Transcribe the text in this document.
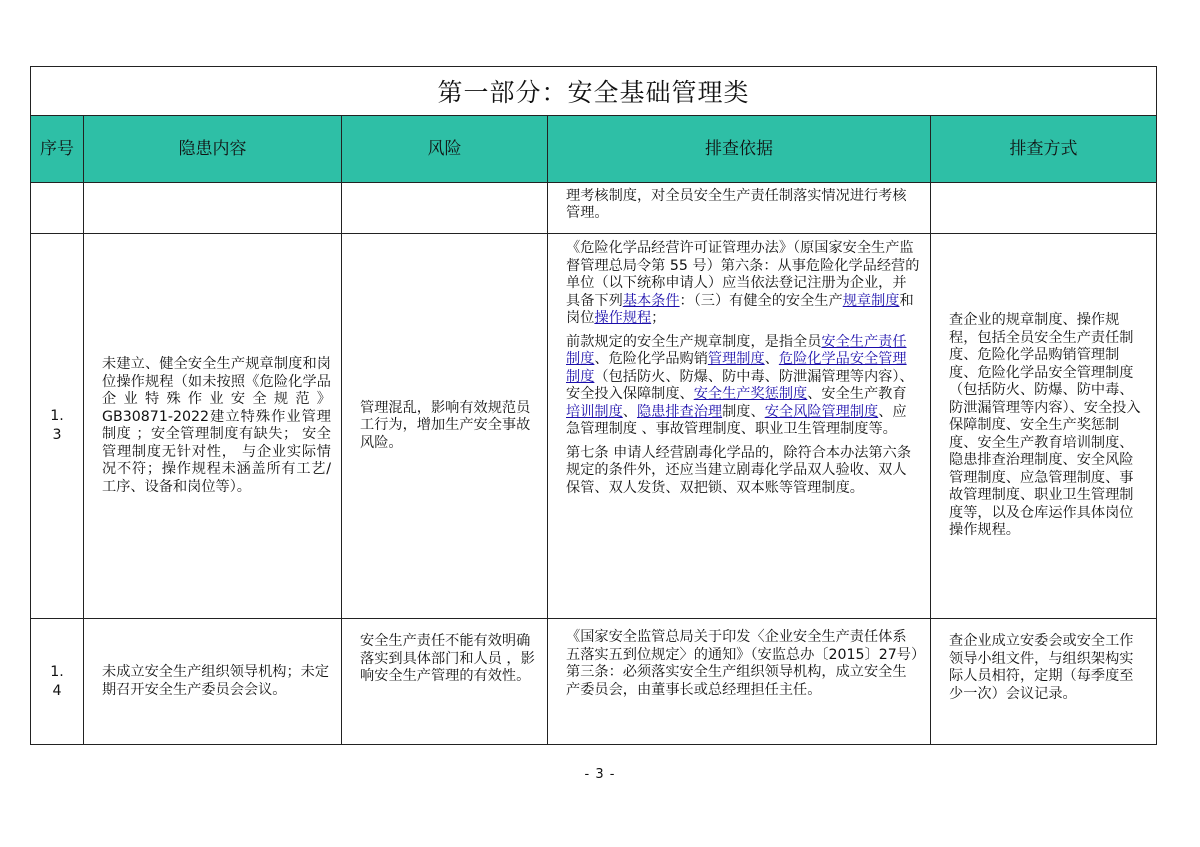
第一部分：安全基础管理类				
序号	隐患内容	风险	排查依据	排查方式

			理考核制度，对全员安全生产责任制落实情况进行考核管理。	

1.3	未建立、健全安全生产规章制度和岗位操作规程（如未按照《危险化学品企业特殊作业安全规范》 GB30871-2022建立特殊作业管理制度 ；安全管理制度有缺失； 安全管理制度无针对性， 与企业实际情况不符；操作规程未涵盖所有工艺/工序、设备和岗位等）。	管理混乱，影响有效规范员工行为，增加生产安全事故风险。	《危险化学品经营许可证管理办法》（原国家安全生产监督管理总局令第 55 号）第六条：从事危险化学品经营的单位（以下统称申请人）应当依法登记注册为企业，并具备下列基本条件：（三）有健全的安全生产规章制度和岗位操作规程；

前款规定的安全生产规章制度，是指全员安全生产责任制度、危险化学品购销管理制度、危险化学品安全管理制度（包括防火、防爆、防中毒、防泄漏管理等内容）、安全投入保障制度、安全生产奖惩制度、安全生产教育培训制度、隐患排查治理制度、安全风险管理制度、应急管理制度 、事故管理制度、职业卫生管理制度等。

第七条 申请人经营剧毒化学品的，除符合本办法第六条规定的条件外，还应当建立剧毒化学品双人验收、双人保管、双人发货、双把锁、双本账等管理制度。	查企业的规章制度、操作规程，包括全员安全生产责任制度、危险化学品购销管理制度、危险化学品安全管理制度（包括防火、防爆、防中毒、防泄漏管理等内容）、安全投入保障制度、安全生产奖惩制度、安全生产教育培训制度、隐患排查治理制度、安全风险管理制度、应急管理制度、事故管理制度、职业卫生管理制度等，以及仓库运作具体岗位操作规程。
1.4	未成立安全生产组织领导机构；未定期召开安全生产委员会会议。	安全生产责任不能有效明确落实到具体部门和人员 ，影响安全生产管理的有效性。	《国家安全监管总局关于印发〈企业安全生产责任体系五落实五到位规定〉的通知》（安监总办〔2015〕27号）第三条：必须落实安全生产组织领导机构，成立安全生产委员会，由董事长或总经理担任主任。	查企业成立安委会或安全工作领导小组文件，与组织架构实际人员相符，定期（每季度至少一次）会议记录。
- 3 -
